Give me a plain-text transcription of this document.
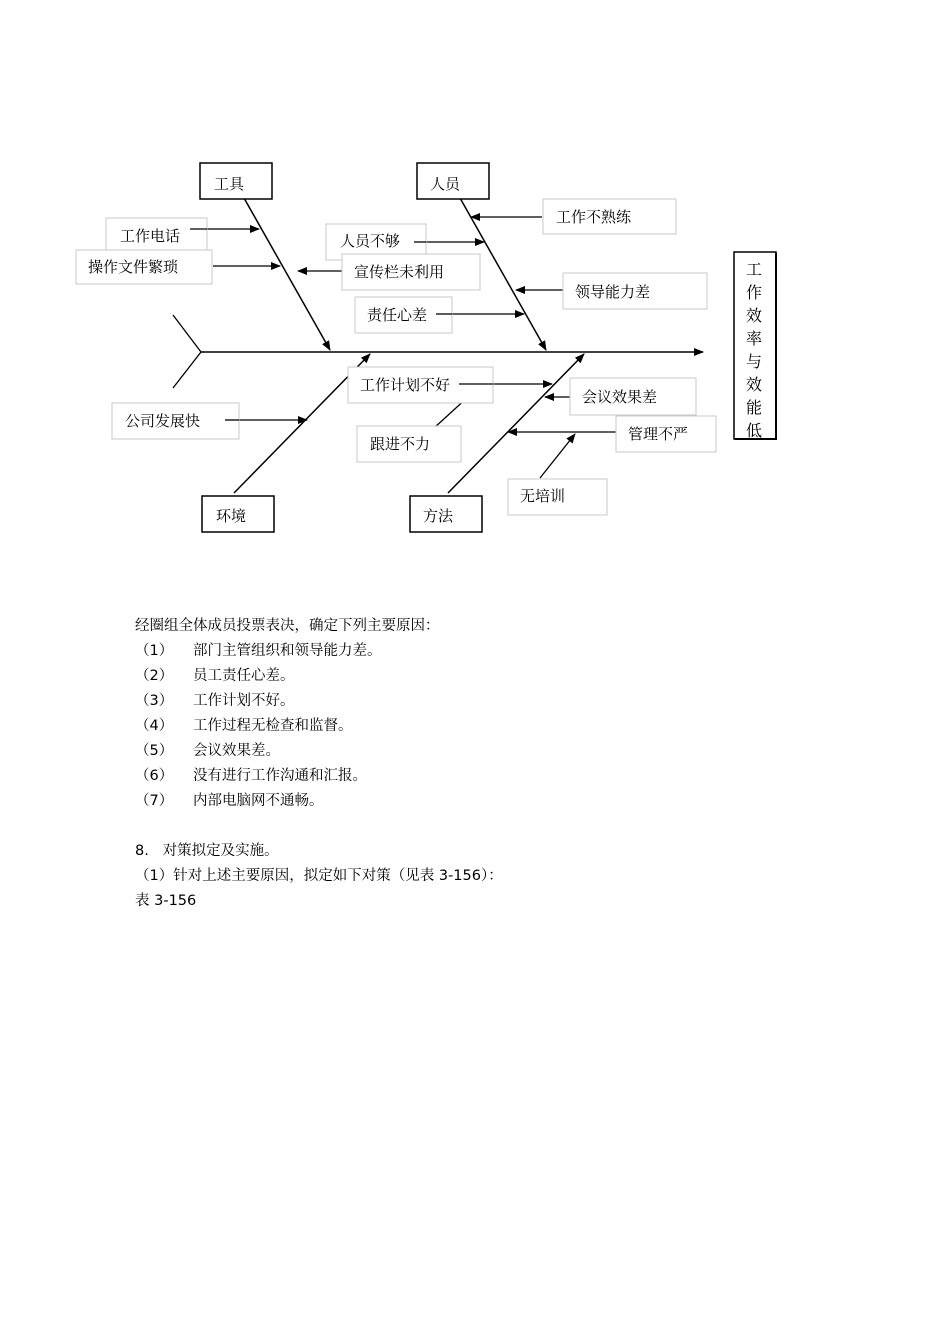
工具	人员
环境	方法
工作效率与效能低
工作电话
操作文件繁琐
人员不够
宣传栏未利用
工作不熟练
领导能力差
责任心差
工作计划不好
会议效果差
管理不严
跟进不力
无培训
公司发展快

经圈组全体成员投票表决，确定下列主要原因：

（1） 部门主管组织和领导能力差。

（2） 员工责任心差。

（3） 工作计划不好。

（4） 工作过程无检查和监督。

（5） 会议效果差。

（6） 没有进行工作沟通和汇报。

（7） 内部电脑网不通畅。

8.   对策拟定及实施。

（1）针对上述主要原因，拟定如下对策（见表 3-156）：

表 3-156
